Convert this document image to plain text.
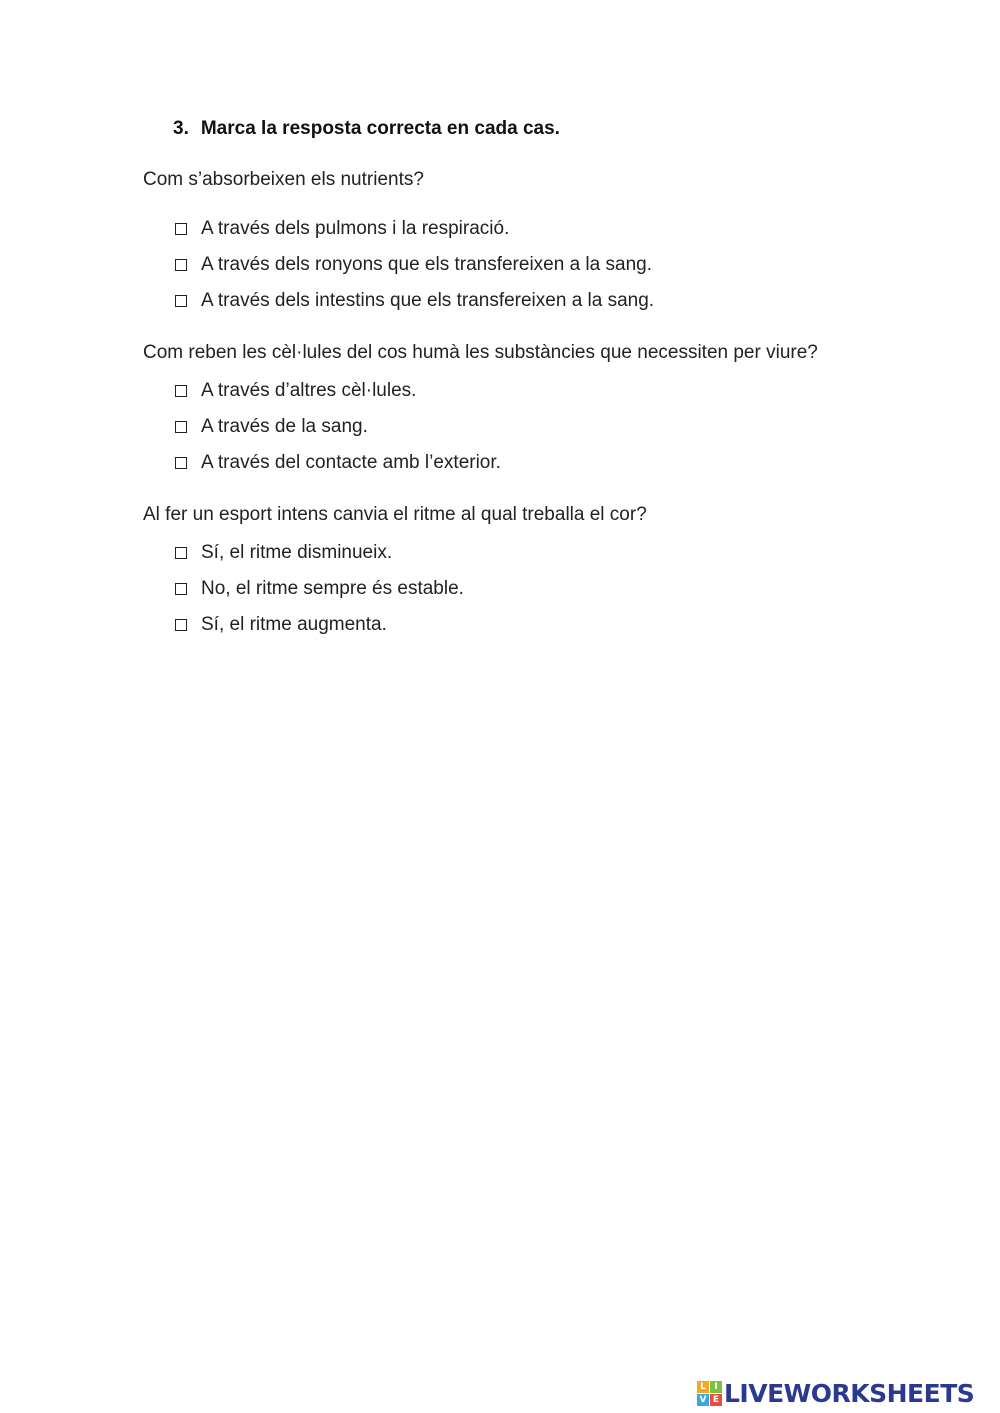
3. Marca la resposta correcta en cada cas.
Com s’absorbeixen els nutrients?
A través dels pulmons i la respiració.
A través dels ronyons que els transfereixen a la sang.
A través dels intestins que els transfereixen a la sang.
Com reben les cèl·lules del cos humà les substàncies que necessiten per viure?
A través d’altres cèl·lules.
A través de la sang.
A través del contacte amb l’exterior.
Al fer un esport intens canvia el ritme al qual treballa el cor?
Sí, el ritme disminueix.
No, el ritme sempre és estable.
Sí, el ritme augmenta.
L I
V E LIVEWORKSHEETS
